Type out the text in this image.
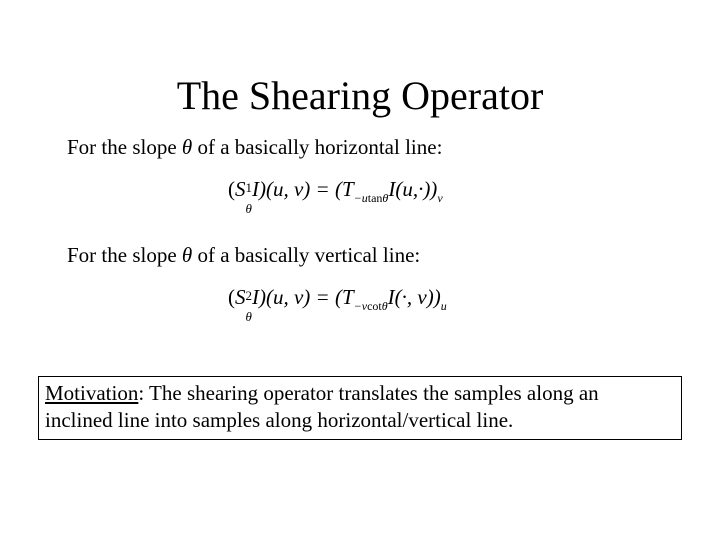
The Shearing Operator
For the slope θ of a basically horizontal line:
(S 1
θ
I)(u, $v) = (T_{-utan\theta}I(u,\cdot))_v$
For the slope θ of a basically vertical line:
(S 2
θ
I)(u, $v) = (T_{-vcot\theta}I(\cdot$, $v))_u$
Motivation: The shearing operator translates the samples along an
inclined line into samples along horizontal/vertical line.
